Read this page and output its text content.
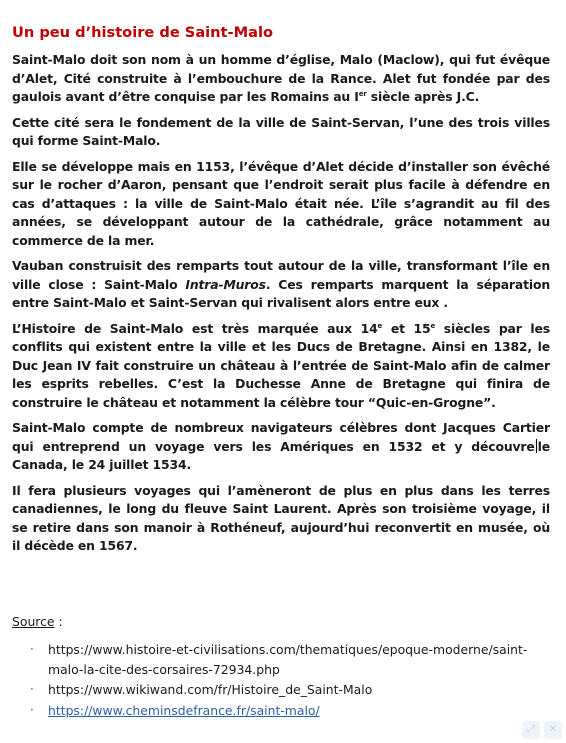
Un peu d’histoire de Saint-Malo

Saint-Malo doit son nom à un homme d’église, Malo (Maclow), qui fut évêque d’Alet, Cité construite à l’embouchure de la Rance. Alet fut fondée par des gaulois avant d’être conquise par les Romains au Ier siècle après J.C.

Cette cité sera le fondement de la ville de Saint-Servan, l’une des trois villes qui forme Saint-Malo.

Elle se développe mais en 1153, l’évêque d’Alet décide d’installer son évêché sur le rocher d’Aaron, pensant que l’endroit serait plus facile à défendre en cas d’attaques : la ville de Saint-Malo était née. L’île s’agrandit au fil des années, se développant autour de la cathédrale, grâce notamment au commerce de la mer.

Vauban construisit des remparts tout autour de la ville, transformant l’île en ville close : Saint-Malo Intra-Muros. Ces remparts marquent la séparation entre Saint-Malo et Saint-Servan qui rivalisent alors entre eux .

L’Histoire de Saint-Malo est très marquée aux 14e et 15e siècles par les conflits qui existent entre la ville et les Ducs de Bretagne. Ainsi en 1382, le Duc Jean IV fait construire un château à l’entrée de Saint-Malo afin de calmer les esprits rebelles. C’est la Duchesse Anne de Bretagne qui finira de construire le château et notamment la célèbre tour “Quic-en-Grogne”.

Saint-Malo compte de nombreux navigateurs célèbres dont Jacques Cartier qui entreprend un voyage vers les Amériques en 1532 et y découvre le Canada, le 24 juillet 1534.

Il fera plusieurs voyages qui l’amèneront de plus en plus dans les terres canadiennes, le long du fleuve Saint Laurent. Après son troisième voyage, il se retire dans son manoir à Rothéneuf, aujourd’hui reconvertit en musée, où il décède en 1567.

Source :
· https://www.histoire-et-civilisations.com/thematiques/epoque-moderne/saint-malo-la-cite-des-corsaires-72934.php
· https://www.wikiwand.com/fr/Histoire_de_Saint-Malo
· https://www.cheminsdefrance.fr/saint-malo/
⤢	✕
